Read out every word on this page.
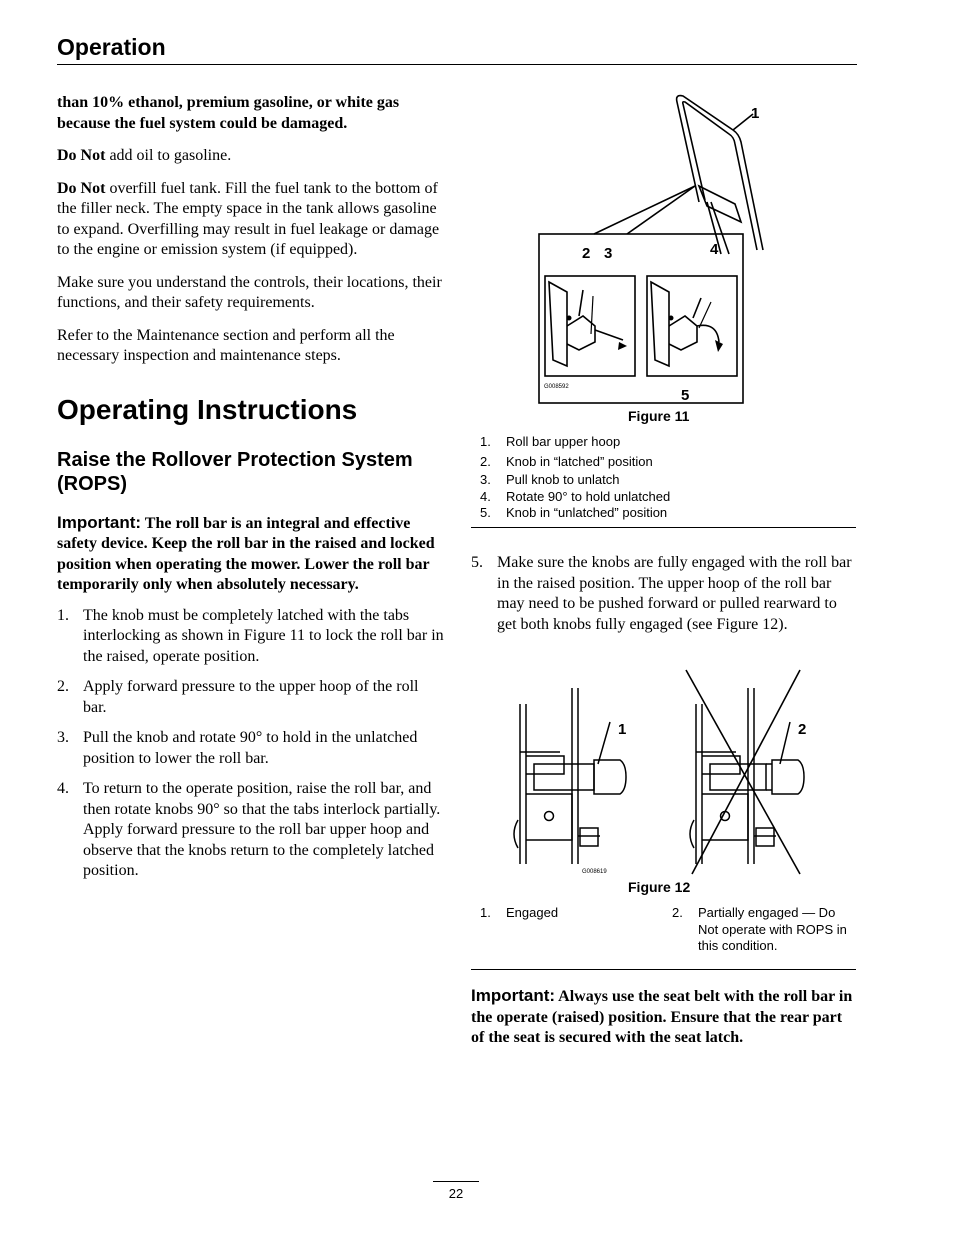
Operation

than 10% ethanol, premium gasoline, or white gas because the fuel system could be damaged.

Do Not add oil to gasoline.

Do Not overfill fuel tank. Fill the fuel tank to the bottom of the filler neck. The empty space in the tank allows gasoline to expand. Overfilling may result in fuel leakage or damage to the engine or emission system (if equipped).

Make sure you understand the controls, their locations, their functions, and their safety requirements.

Refer to the Maintenance section and perform all the necessary inspection and maintenance steps.

Operating Instructions
Raise the Rollover Protection System (ROPS)

Important: The roll bar is an integral and effective safety device. Keep the roll bar in the raised and locked position when operating the mower. Lower the roll bar temporarily only when absolutely necessary.

1. The knob must be completely latched with the tabs interlocking as shown in Figure 11 to lock the roll bar in the raised, operate position.
2. Apply forward pressure to the upper hoop of the roll bar.
3. Pull the knob and rotate 90° to hold in the unlatched position to lower the roll bar.
4. To return to the operate position, raise the roll bar, and then rotate knobs 90° so that the tabs interlock partially. Apply forward pressure to the roll bar upper hoop and observe that the knobs return to the completely latched position.
1
2 3	4
5
G008592
Figure 11
1. Roll bar upper hoop
2. Knob in “latched” position
3. Pull knob to unlatch
4. Rotate 90° to hold unlatched
5. Knob in “unlatched” position
5. Make sure the knobs are fully engaged with the roll bar in the raised position. The upper hoop of the roll bar may need to be pushed forward or pulled rearward to get both knobs fully engaged (see Figure 12).
1	2
G008619
Figure 12
1. Engaged	2. Partially engaged — Do Not operate with ROPS in this condition.
Important: Always use the seat belt with the roll bar in the operate (raised) position. Ensure that the rear part of the seat is secured with the seat latch.
22
